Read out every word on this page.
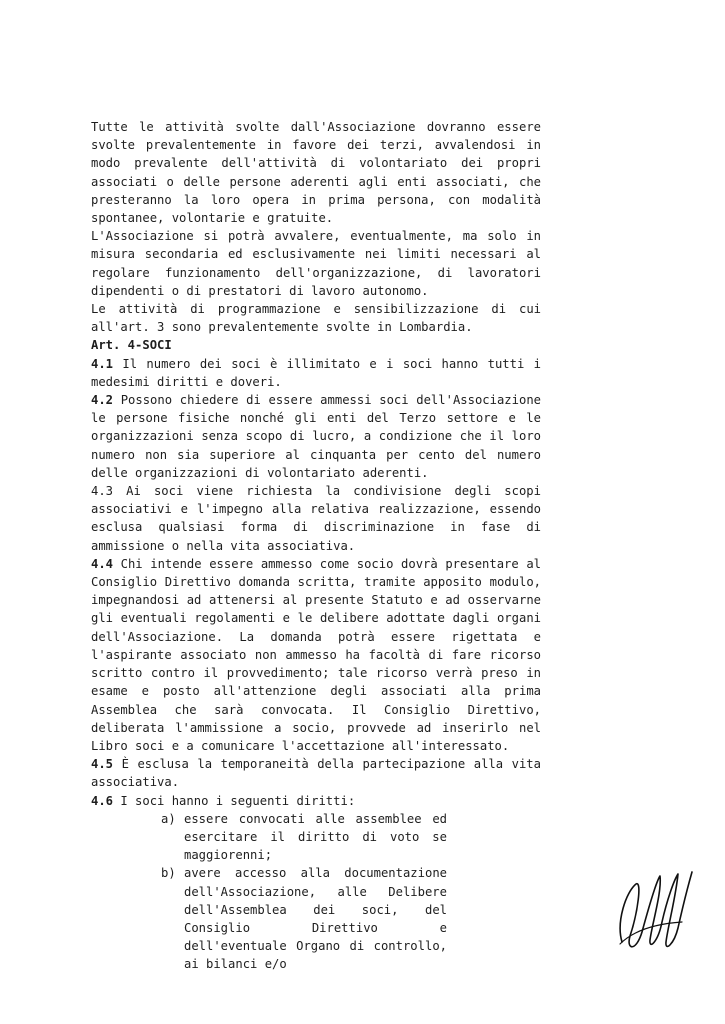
Tutte le attività svolte dall'Associazione dovranno essere svolte prevalentemente in favore dei terzi, avvalendosi in modo prevalente dell'attività di volontariato dei propri associati o delle persone aderenti agli enti associati, che presteranno la loro opera in prima persona, con modalità spontanee, volontarie e gratuite.

L'Associazione si potrà avvalere, eventualmente, ma solo in misura secondaria ed esclusivamente nei limiti necessari al regolare funzionamento dell'organizzazione, di lavoratori dipendenti o di prestatori di lavoro autonomo.

Le attività di programmazione e sensibilizzazione di cui all'art. 3 sono prevalentemente svolte in Lombardia.

Art. 4-SOCI

4.1 Il numero dei soci è illimitato e i soci hanno tutti i medesimi diritti e doveri.

4.2 Possono chiedere di essere ammessi soci dell'Associazione le persone fisiche nonché gli enti del Terzo settore e le organizzazioni senza scopo di lucro, a condizione che il loro numero non sia superiore al cinquanta per cento del numero delle organizzazioni di volontariato aderenti.

4.3 Ai soci viene richiesta la condivisione degli scopi associativi e l'impegno alla relativa realizzazione, essendo esclusa qualsiasi forma di discriminazione in fase di ammissione o nella vita associativa.

4.4 Chi intende essere ammesso come socio dovrà presentare al Consiglio Direttivo domanda scritta, tramite apposito modulo, impegnandosi ad attenersi al presente Statuto e ad osservarne gli eventuali regolamenti e le delibere adottate dagli organi dell'Associazione. La domanda potrà essere rigettata e l'aspirante associato non ammesso ha facoltà di fare ricorso scritto contro il provvedimento; tale ricorso verrà preso in esame e posto all'attenzione degli associati alla prima Assemblea che sarà convocata. Il Consiglio Direttivo, deliberata l'ammissione a socio, provvede ad inserirlo nel Libro soci e a comunicare l'accettazione all'interessato.

4.5 È esclusa la temporaneità della partecipazione alla vita associativa.

4.6 I soci hanno i seguenti diritti:

a) essere convocati alle assemblee ed esercitare il diritto di voto se maggiorenni;
b) avere accesso alla documentazione dell'Associazione, alle Delibere dell'Assemblea dei soci, del Consiglio Direttivo e dell'eventuale Organo di controllo, ai bilanci e/o
